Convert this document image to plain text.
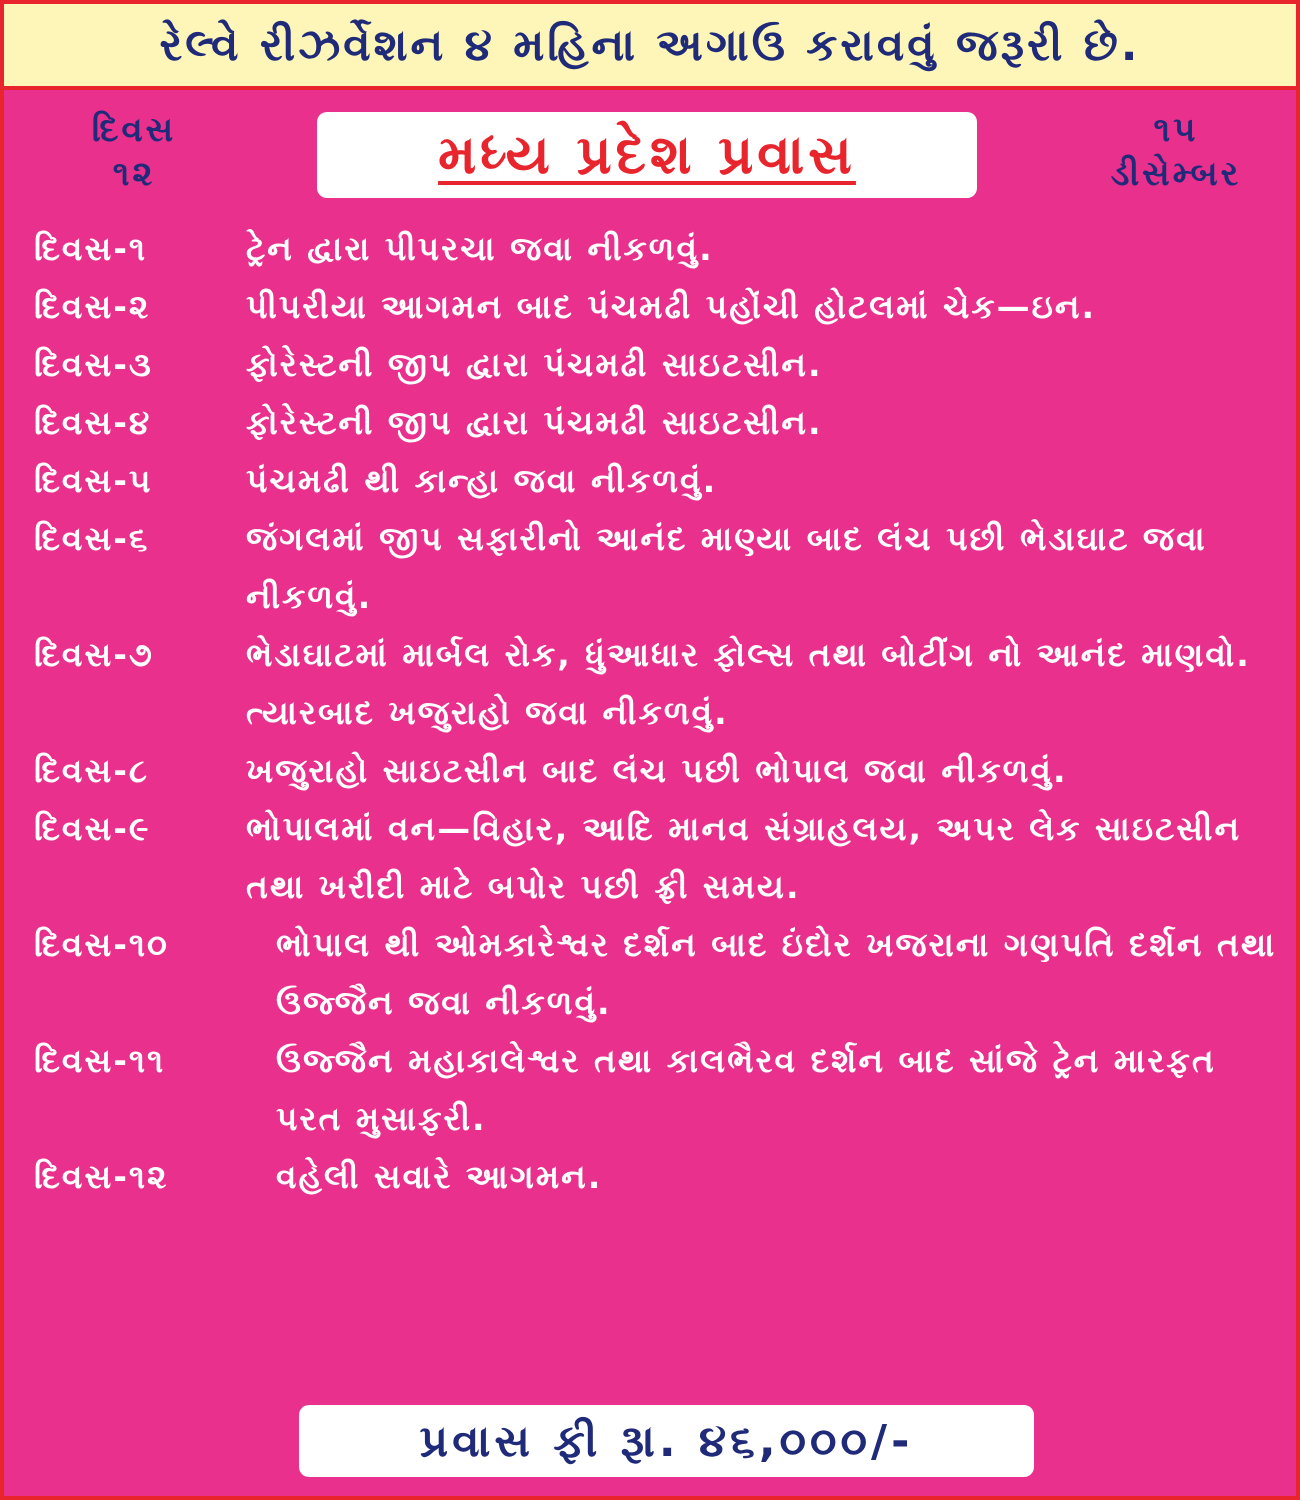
રેલ્વે રીઝર્વેશન ૪ મહિના અગાઉ કરાવવું જરૂરી છે.
દિવસ
૧૨	મધ્ય પ્રદેશ પ્રવાસ	૧૫
ડીસેમ્બર
દિવસ-૧	ટ્રેન દ્વારા પીપરચા જવા નીકળવું.
દિવસ-૨	પીપરીયા આગમન બાદ પંચમઢી પહોંચી હોટલમાં ચેક—ઇન.
દિવસ-૩	ફોરેસ્ટની જીપ દ્વારા પંચમઢી સાઇટસીન.
દિવસ-૪	ફોરેસ્ટની જીપ દ્વારા પંચમઢી સાઇટસીન.
દિવસ-૫	પંચમઢી થી કાન્હા જવા નીકળવું.
દિવસ-૬	જંગલમાં જીપ સફારીનો આનંદ માણ્યા બાદ લંચ પછી ભેડાઘાટ જવા નીકળવું.
દિવસ-૭	ભેડાઘાટમાં માર્બલ રોક, ધુંઆધાર ફોલ્સ તથા બોટીંગ નો આનંદ માણવો. ત્યારબાદ ખજુરાહો જવા નીકળવું.
દિવસ-૮	ખજુરાહો સાઇટસીન બાદ લંચ પછી ભોપાલ જવા નીકળવું.
દિવસ-૯	ભોપાલમાં વન—વિહાર, આદિ માનવ સંગ્રાહલય, અપર લેક સાઇટસીન તથા ખરીદી માટે બપોર પછી ફ્રી સમય.
દિવસ-૧૦	ભોપાલ થી ઓમકારેશ્વર દર્શન બાદ ઇંદોર ખજરાના ગણપતિ દર્શન તથા ઉજ્જૈન જવા નીકળવું.
દિવસ-૧૧	ઉજ્જૈન મહાકાલેશ્વર તથા કાલભૈરવ દર્શન બાદ સાંજે ટ્રેન મારફત પરત મુસાફરી.
દિવસ-૧૨	વહેલી સવારે આગમન.
પ્રવાસ ફી રૂા. ૪૬,૦૦૦/-
